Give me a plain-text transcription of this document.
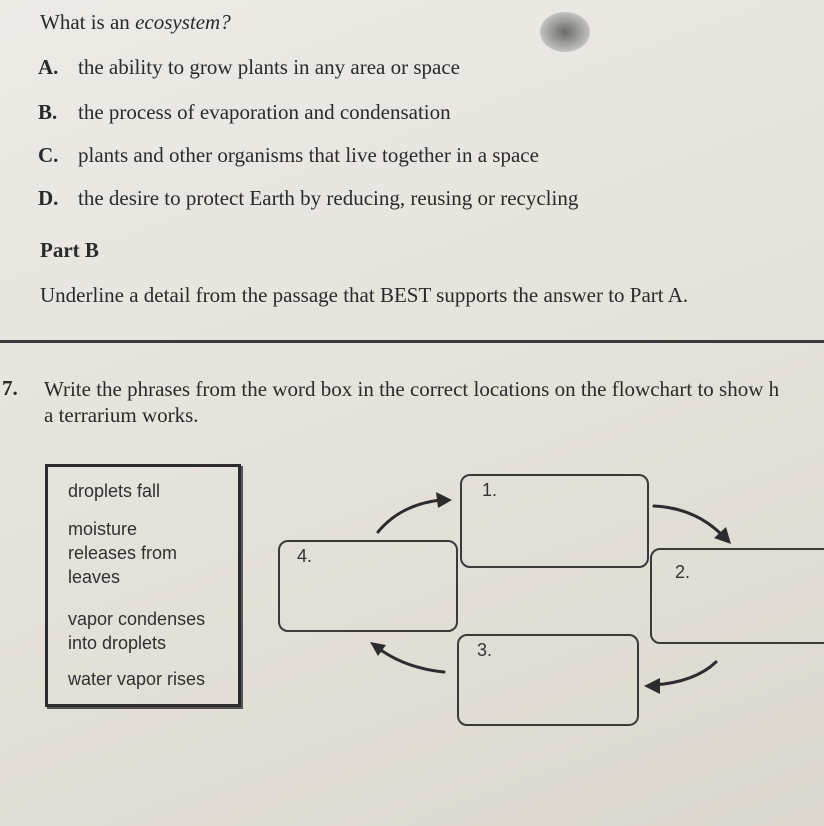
What is an ecosystem?
A. the ability to grow plants in any area or space
B. the process of evaporation and condensation
C. plants and other organisms that live together in a space
D. the desire to protect Earth by reducing, reusing or recycling
Part B
Underline a detail from the passage that BEST supports the answer to Part A.
7. Write the phrases from the word box in the correct locations on the flowchart to show h
a terrarium works.
droplets fall
moisture
releases from
leaves
vapor condenses
into droplets
water vapor rises
1.
2.
3.
4.
